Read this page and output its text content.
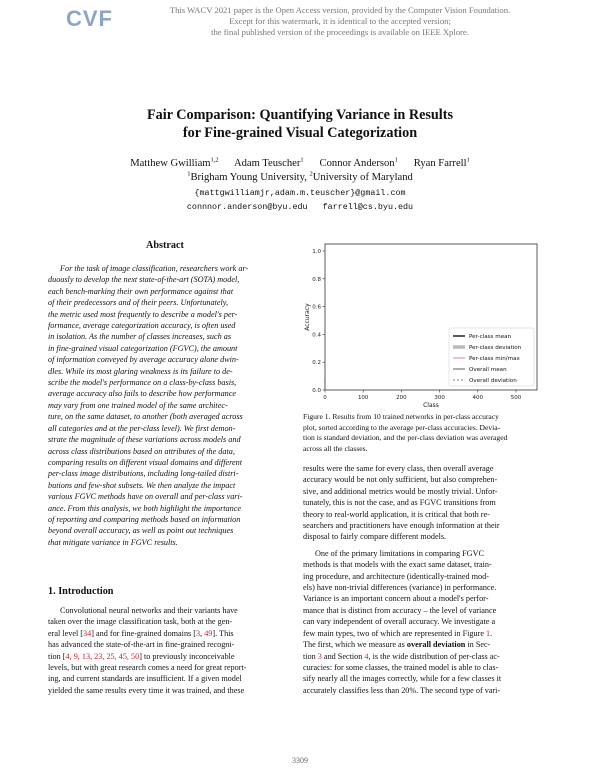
CVF	This WACV 2021 paper is the Open Access version, provided by the Computer Vision Foundation.
Except for this watermark, it is identical to the accepted version;
the final published version of the proceedings is available on IEEE Xplore.
Fair Comparison: Quantifying Variance in Results
for Fine-grained Visual Categorization
Matthew Gwilliam$^{1,2}$ Adam Teuscher$^1$ Connor Anderson$^1$ Ryan Farrell$^1$
$^1$Brigham Young University, $^2$University of Maryland
{mattgwilliamjr,adam.m.teuscher}@gmail.com
connnor.anderson@byu.edu   farrell@cs.byu.edu
Abstract

For the task of image classification, researchers work ar-

duously to develop the next state-of-the-art (SOTA) model,

each bench-marking their own performance against that

of their predecessors and of their peers. Unfortunately,

the metric used most frequently to describe a model's per-

formance, average categorization accuracy, is often used

in isolation. As the number of classes increases, such as

in fine-grained visual categorization (FGVC), the amount

of information conveyed by average accuracy alone dwin-

dles. While its most glaring weakness is its failure to de-

scribe the model's performance on a class-by-class basis,

average accuracy also fails to describe how performance

may vary from one trained model of the same architec-

ture, on the same dataset, to another (both averaged across

all categories and at the per-class level). We first demon-

strate the magnitude of these variations across models and

across class distributions based on attributes of the data,

comparing results on different visual domains and different

per-class image distributions, including long-tailed distri-

butions and few-shot subsets. We then analyze the impact

various FGVC methods have on overall and per-class vari-

ance. From this analysis, we both highlight the importance

of reporting and comparing methods based on information

beyond overall accuracy, as well as point out techniques

that mitigate variance in FGVC results.

1. Introduction

Convolutional neural networks and their variants have

taken over the image classification task, both at the gen-

eral level [34] and for fine-grained domains [3, 49]. This

has advanced the state-of-the-art in fine-grained recogni-

tion [4, 9, 13, 23, 25, 45, 50] to previously inconceivable

levels, but with great research comes a need for great report-

ing, and current standards are insufficient. If a given model

yielded the same results every time it was trained, and these

0	100	200	300	400	500
0.0
0.2
0.4
0.6
0.8
1.0
Class
Accuracy
Per-class mean
Per-class deviation
Per-class min/max
Overall mean
Overall deviation
Figure 1. Results from 10 trained networks in per-class accuracy
plot, sorted according to the average per-class accuracies. Devia-
tion is standard deviation, and the per-class deviation was averaged
across all the classes.

results were the same for every class, then overall average

accuracy would be not only sufficient, but also comprehen-

sive, and additional metrics would be mostly trivial. Unfor-

tunately, this is not the case, and as FGVC transitions from

theory to real-world application, it is critical that both re-

searchers and practitioners have enough information at their

disposal to fairly compare different models.

One of the primary limitations in comparing FGVC

methods is that models with the exact same dataset, train-

ing procedure, and architecture (identically-trained mod-

els) have non-trivial differences (variance) in performance.

Variance is an important concern about a model's perfor-

mance that is distinct from accuracy – the level of variance

can vary independent of overall accuracy. We investigate a

few main types, two of which are represented in Figure 1.

The first, which we measure as overall deviation in Sec-

tion 3 and Section 4, is the wide distribution of per-class ac-

curacies: for some classes, the trained model is able to clas-

sify nearly all the images correctly, while for a few classes it

accurately classifies less than 20%. The second type of vari-

3309
